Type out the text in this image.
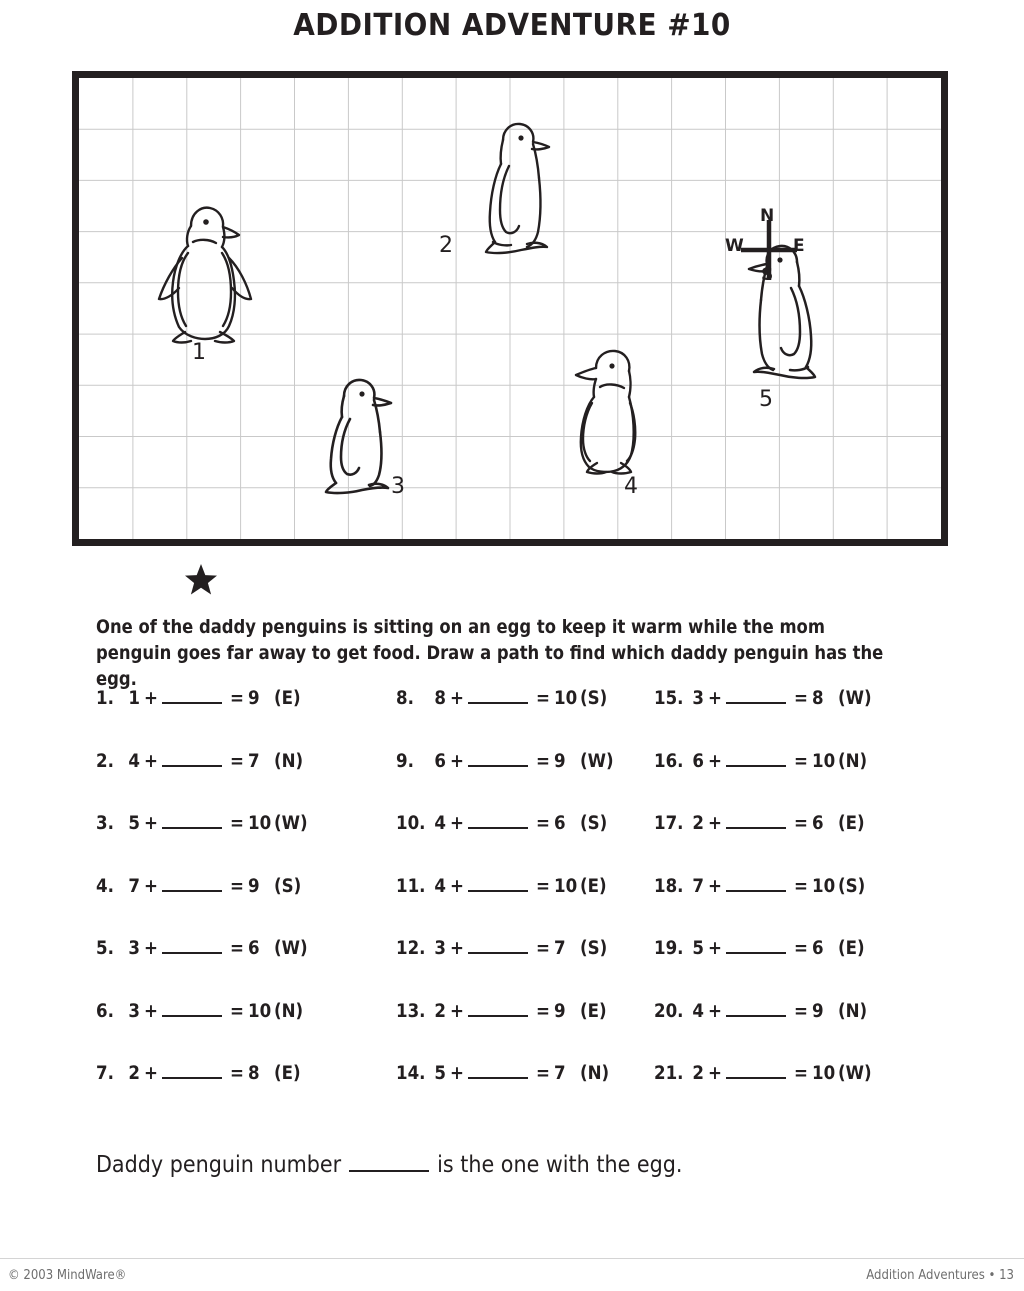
ADDITION ADVENTURE #10
1
2
3	4
5
N
W	E
S

One of the daddy penguins is sitting on an egg to keep it warm while the mom penguin goes far away to get food. Draw a path to find which daddy penguin has the egg.

1. 1 +	= 9 (E)	8.	8 +	= 10 (S)	15. 3 +	= 8 (W)
2. 4 +	= 7 (N)	9.	6 +	= 9 (W) 16. 6 +	= 10 (N)
3. 5 +	= 10 (W)	10. 4 +	= 6 (S)	17. 2 +	= 6 (E)
4. 7 +	= 9 (S)	11. 4 +	= 10 (E)	18. 7 +	= 10 (S)
5. 3 +	= 6 (W)	12. 3 +	= 7 (S)	19. 5 +	= 6 (E)
6. 3 +	= 10 (N)	13. 2 +	= 9 (E)	20. 4 +	= 9 (N)
7. 2 +	= 8 (E)	14. 5 +	= 7 (N) 21. 2 +	= 10 (W)
Daddy penguin number	is the one with the egg.
© 2003 MindWare®	Addition Adventures • 13
